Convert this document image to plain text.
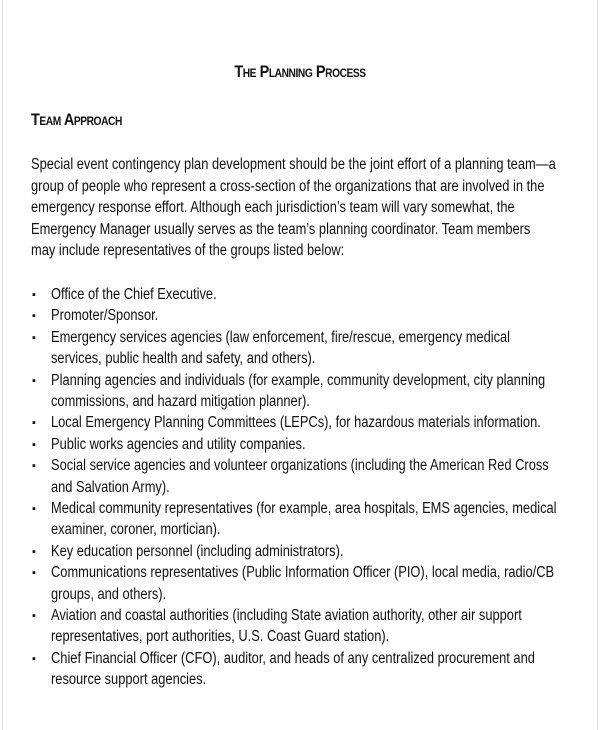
The Planning Process
Team Approach
Special event contingency plan development should be the joint effort of a planning team—a
group of people who represent a cross-section of the organizations that are involved in the
emergency response effort. Although each jurisdiction’s team will vary somewhat, the
Emergency Manager usually serves as the team’s planning coordinator. Team members
may include representatives of the groups listed below:
▪ Office of the Chief Executive.
▪ Promoter/Sponsor.
▪ Emergency services agencies (law enforcement, fire/rescue, emergency medical
services, public health and safety, and others).
▪ Planning agencies and individuals (for example, community development, city planning
commissions, and hazard mitigation planner).
▪ Local Emergency Planning Committees (LEPCs), for hazardous materials information.
▪ Public works agencies and utility companies.
▪ Social service agencies and volunteer organizations (including the American Red Cross
and Salvation Army).
▪ Medical community representatives (for example, area hospitals, EMS agencies, medical
examiner, coroner, mortician).
▪ Key education personnel (including administrators).
▪ Communications representatives (Public Information Officer (PIO), local media, radio/CB
groups, and others).
▪ Aviation and coastal authorities (including State aviation authority, other air support
representatives, port authorities, U.S. Coast Guard station).
▪ Chief Financial Officer (CFO), auditor, and heads of any centralized procurement and
resource support agencies.
